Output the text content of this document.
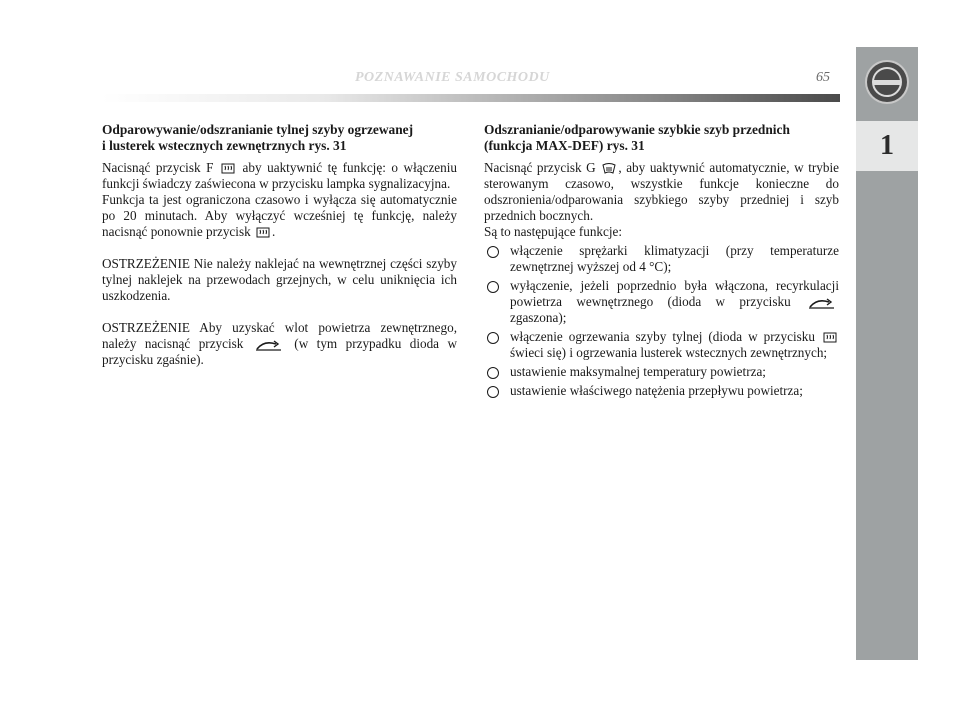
POZNAWANIE SAMOCHODU	65
1
Odparowywanie/odszranianie tylnej szyby ogrzewanej
i lusterek wstecznych zewnętrznych rys. 31

Nacisnąć przycisk F aby uaktywnić tę funkcję: o włączeniu funkcji świadczy zaświecona w przycisku lampka sygnalizacyjna.

Funkcja ta jest ograniczona czasowo i wyłącza się automatycznie po 20 minutach. Aby wyłączyć wcześniej tę funkcję, należy nacisnąć ponownie przycisk .

OSTRZEŻENIE Nie należy naklejać na wewnętrznej części szyby tylnej naklejek na przewodach grzejnych, w celu uniknięcia ich uszkodzenia.

OSTRZEŻENIE Aby uzyskać wlot powietrza zewnętrznego, należy nacisnąć przycisk	(w tym przypadku dioda w przycisku zgaśnie).

Odszranianie/odparowywanie szybkie szyb przednich
(funkcja MAX-DEF) rys. 31

Nacisnąć przycisk G , aby uaktywnić automatycznie, w trybie sterowanym czasowo, wszystkie funkcje konieczne do odszronienia/odparowania szybkiego szyby przedniej i szyb przednich bocznych.

Są to następujące funkcje:

włączenie sprężarki klimatyzacji (przy temperaturze zewnętrznej wyższej od 4 °C);
wyłączenie, jeżeli poprzednio była włączona, recyrkulacji powietrza wewnętrznego (dioda w przycisku  zgaszona);
włączenie ogrzewania szyby tylnej (dioda w przycisku  świeci się) i ogrzewania lusterek wstecznych zewnętrznych;
ustawienie maksymalnej temperatury powietrza;
ustawienie właściwego natężenia przepływu powietrza;
